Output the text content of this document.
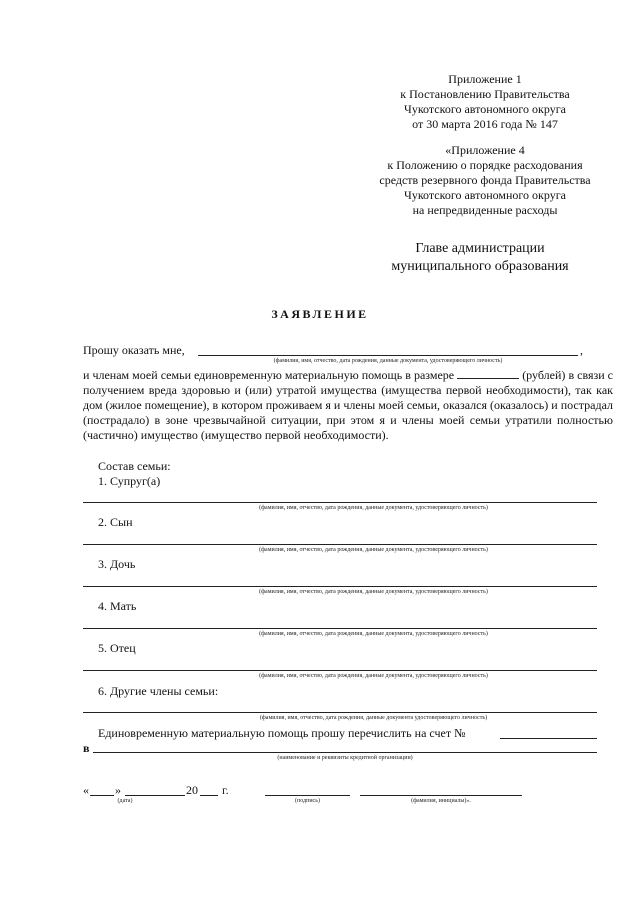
Приложение 1
к Постановлению Правительства
Чукотского автономного округа
от 30 марта 2016 года № 147
«Приложение 4
к Положению о порядке расходования
средств резервного фонда Правительства
Чукотского автономного округа
на непредвиденные расходы
Главе администрации
муниципального образования
ЗАЯВЛЕНИЕ
Прошу оказать мне,	,
(фамилия, имя, отчество, дата рождения, данные документа, удостоверяющего личность)
и членам моей семьи единовременную материальную помощь в размере	(рублей) в связи с получением вреда здоровью и (или) утратой имущества (имущества первой необходимости), так как дом (жилое помещение), в котором проживаем я и члены моей семьи, оказался (оказалось) и пострадал (пострадало) в зоне чрезвычайной ситуации, при этом я и члены моей семьи утратили полностью (частично) имущество (имущество первой необходимости).
Состав семьи:
1. Супруг(а)
(фамилия, имя, отчество, дата рождения, данные документа, удостоверяющего личность)
2. Сын
(фамилия, имя, отчество, дата рождения, данные документа, удостоверяющего личность)
3. Дочь
(фамилия, имя, отчество, дата рождения, данные документа, удостоверяющего личность)
4. Мать
(фамилия, имя, отчество, дата рождения, данные документа, удостоверяющего личность)
5. Отец
(фамилия, имя, отчество, дата рождения, данные документа, удостоверяющего личность)
6. Другие члены семьи:
(фамилия, имя, отчество, дата рождения, данные документа удостоверяющего личность)
Единовременную материальную помощь прошу перечислить на счет №
в
(наименование и реквизиты кредитной организации)
« »	20 г.
(дата)	(подпись)	(фамилия, инициалы)».
